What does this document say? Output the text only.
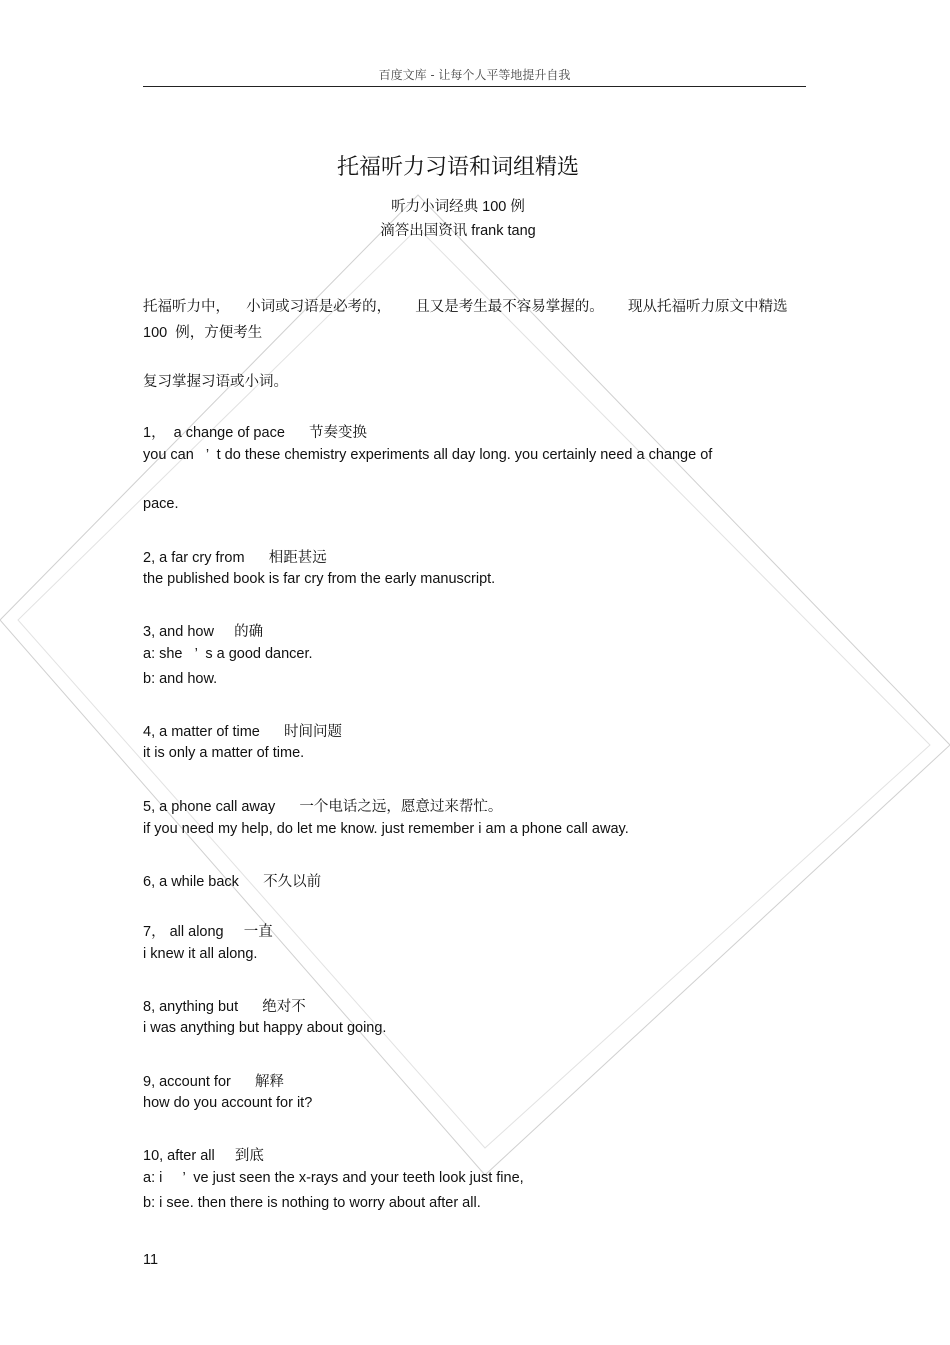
百度文库 - 让每个人平等地提升自我
托福听力习语和词组精选
听力小词经典 100 例
滴答出国资讯 frank tang
托福听力中，    小词或习语是必考的，      且又是考生最不容易掌握的。      现从托福听力原文中精选
100  例，方便考生
复习掌握习语或小词。
1，  a change of pace      节奏变换
you can   ’  t do these chemistry experiments all day long. you certainly need a change of
pace.
2, a far cry from      相距甚远
the published book is far cry from the early manuscript.
3, and how     的确
a: she   ’  s a good dancer.
b: and how.
4, a matter of time      时间问题
it is only a matter of time.
5, a phone call away      一个电话之远，愿意过来帮忙。
if you need my help, do let me know. just remember i am a phone call away.
6, a while back      不久以前
7， all along     一直
i knew it all along.
8, anything but      绝对不
i was anything but happy about going.
9, account for      解释
how do you account for it?
10, after all     到底
a: i     ’  ve just seen the x-rays and your teeth look just fine,
b: i see. then there is nothing to worry about after all.
11
